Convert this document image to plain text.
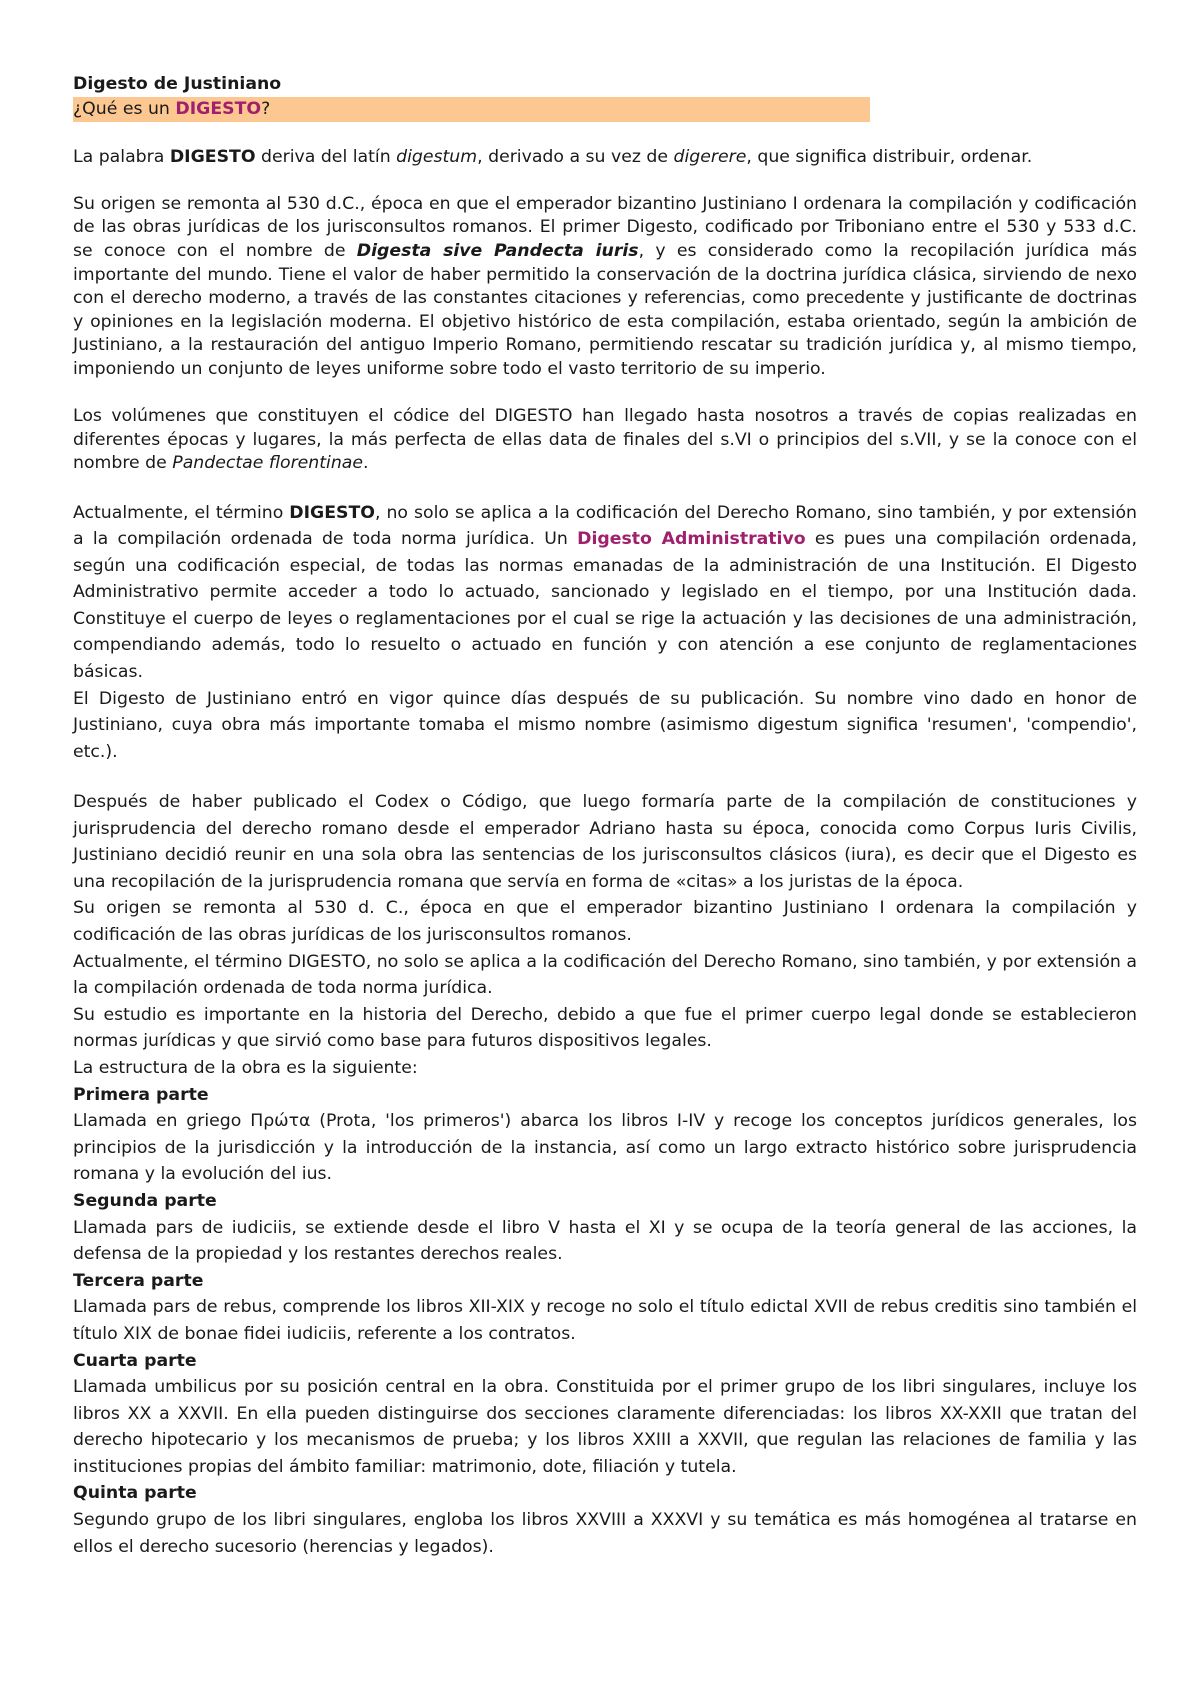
Digesto de Justiniano

¿Qué es un DIGESTO?

La palabra DIGESTO deriva del latín digestum, derivado a su vez de digerere, que significa distribuir, ordenar.

Su origen se remonta al 530 d.C., época en que el emperador bizantino Justiniano I ordenara la compilación y codificación de las obras jurídicas de los jurisconsultos romanos. El primer Digesto, codificado por Triboniano entre el 530 y 533 d.C. se conoce con el nombre de Digesta sive Pandecta iuris, y es considerado como la recopilación jurídica más importante del mundo. Tiene el valor de haber permitido la conservación de la doctrina jurídica clásica, sirviendo de nexo con el derecho moderno, a través de las constantes citaciones y referencias, como precedente y justificante de doctrinas y opiniones en la legislación moderna. El objetivo histórico de esta compilación, estaba orientado, según la ambición de Justiniano, a la restauración del antiguo Imperio Romano, permitiendo rescatar su tradición jurídica y, al mismo tiempo, imponiendo un conjunto de leyes uniforme sobre todo el vasto territorio de su imperio.

Los volúmenes que constituyen el códice del DIGESTO han llegado hasta nosotros a través de copias realizadas en diferentes épocas y lugares, la más perfecta de ellas data de finales del s.VI o principios del s.VII, y se la conoce con el nombre de Pandectae florentinae.

Actualmente, el término DIGESTO, no solo se aplica a la codificación del Derecho Romano, sino también, y por extensión a la compilación ordenada de toda norma jurídica. Un Digesto Administrativo es pues una compilación ordenada, según una codificación especial, de todas las normas emanadas de la administración de una Institución. El Digesto Administrativo permite acceder a todo lo actuado, sancionado y legislado en el tiempo, por una Institución dada. Constituye el cuerpo de leyes o reglamentaciones por el cual se rige la actuación y las decisiones de una administración, compendiando además, todo lo resuelto o actuado en función y con atención a ese conjunto de reglamentaciones básicas.

El Digesto de Justiniano entró en vigor quince días después de su publicación. Su nombre vino dado en honor de Justiniano, cuya obra más importante tomaba el mismo nombre (asimismo digestum significa 'resumen', 'compendio', etc.).

Después de haber publicado el Codex o Código, que luego formaría parte de la compilación de constituciones y jurisprudencia del derecho romano desde el emperador Adriano hasta su época, conocida como Corpus Iuris Civilis, Justiniano decidió reunir en una sola obra las sentencias de los jurisconsultos clásicos (iura), es decir que el Digesto es una recopilación de la jurisprudencia romana que servía en forma de «citas» a los juristas de la época.

Su origen se remonta al 530 d. C., época en que el emperador bizantino Justiniano I ordenara la compilación y codificación de las obras jurídicas de los jurisconsultos romanos.

Actualmente, el término DIGESTO, no solo se aplica a la codificación del Derecho Romano, sino también, y por extensión a la compilación ordenada de toda norma jurídica.

Su estudio es importante en la historia del Derecho, debido a que fue el primer cuerpo legal donde se establecieron normas jurídicas y que sirvió como base para futuros dispositivos legales.

La estructura de la obra es la siguiente:

Primera parte

Llamada en griego Πρώτα (Prota, 'los primeros') abarca los libros I-IV y recoge los conceptos jurídicos generales, los principios de la jurisdicción y la introducción de la instancia, así como un largo extracto histórico sobre jurisprudencia romana y la evolución del ius.

Segunda parte

Llamada pars de iudiciis, se extiende desde el libro V hasta el XI y se ocupa de la teoría general de las acciones, la defensa de la propiedad y los restantes derechos reales.

Tercera parte

Llamada pars de rebus, comprende los libros XII-XIX y recoge no solo el título edictal XVII de rebus creditis sino también el título XIX de bonae fidei iudiciis, referente a los contratos.

Cuarta parte

Llamada umbilicus por su posición central en la obra. Constituida por el primer grupo de los libri singulares, incluye los libros XX a XXVII. En ella pueden distinguirse dos secciones claramente diferenciadas: los libros XX-XXII que tratan del derecho hipotecario y los mecanismos de prueba; y los libros XXIII a XXVII, que regulan las relaciones de familia y las instituciones propias del ámbito familiar: matrimonio, dote, filiación y tutela.

Quinta parte

Segundo grupo de los libri singulares, engloba los libros XXVIII a XXXVI y su temática es más homogénea al tratarse en ellos el derecho sucesorio (herencias y legados).
